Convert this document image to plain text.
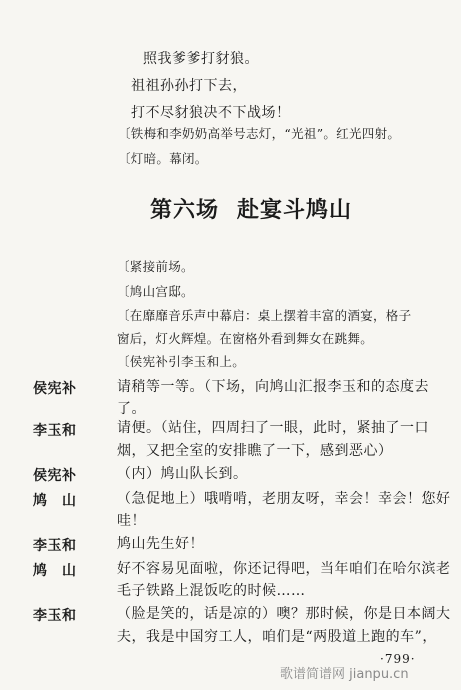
照我爹爹打豺狼。
祖祖孙孙打下去，
打不尽豺狼决不下战场！
〔铁梅和李奶奶高举号志灯，“光祖”。红光四射。
〔灯暗。幕闭。
第六场 赴宴斗鸠山
〔紧接前场。
〔鸠山宫邸。
〔在靡靡音乐声中幕启：桌上摆着丰富的酒宴，格子
窗后，灯火辉煌。在窗格外看到舞女在跳舞。
〔侯宪补引李玉和上。
侯宪补	请稍等一等。（下场，向鸠山汇报李玉和的态度去
了。
李玉和	请便。（站住，四周扫了一眼，此时，紧抽了一口
烟，又把全室的安排瞧了一下，感到恶心）
侯宪补	（内）鸠山队长到。
鸠　山	（急促地上）哦啃啃，老朋友呀，幸会！幸会！您好
哇！
李玉和	鸠山先生好！
鸠　山	好不容易见面啦，你还记得吧，当年咱们在哈尔滨老
毛子铁路上混饭吃的时候……
李玉和	（脸是笑的，话是凉的）噢？那时候，你是日本阔大
夫，我是中国穷工人，咱们是“两股道上跑的车”，
·799·
歌谱简谱网 jianpu.cn
